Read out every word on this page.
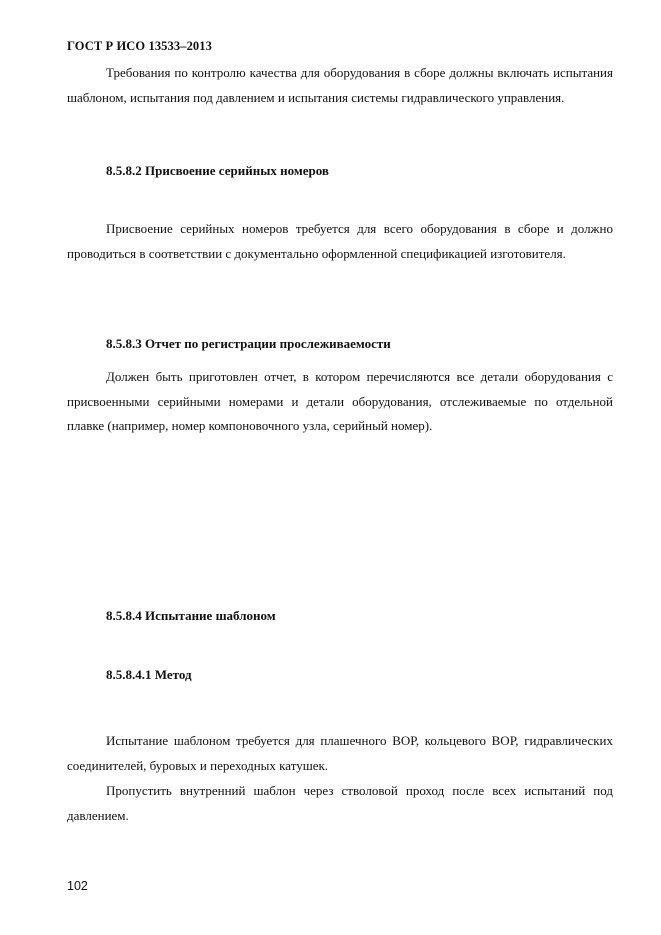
ГОСТ Р ИСО 13533–2013

Требования по контролю качества для оборудования в сборе должны включать испытания шаблоном, испытания под давлением и испытания системы гидравлического управления.

8.5.8.2 Присвоение серийных номеров

Присвоение серийных номеров требуется для всего оборудования в сборе и должно проводиться в соответствии с документально оформленной спецификацией изготовителя.

8.5.8.3 Отчет по регистрации прослеживаемости

Должен быть приготовлен отчет, в котором перечисляются все детали оборудования с присвоенными серийными номерами и детали оборудования, отслеживаемые по отдельной плавке (например, номер компоновочного узла, серийный номер).

8.5.8.4 Испытание шаблоном
8.5.8.4.1 Метод

Испытание шаблоном требуется для плашечного ВОР, кольцевого ВОР, гидравлических соединителей, буровых и переходных катушек.

Пропустить внутренний шаблон через стволовой проход после всех испытаний под давлением.

102
